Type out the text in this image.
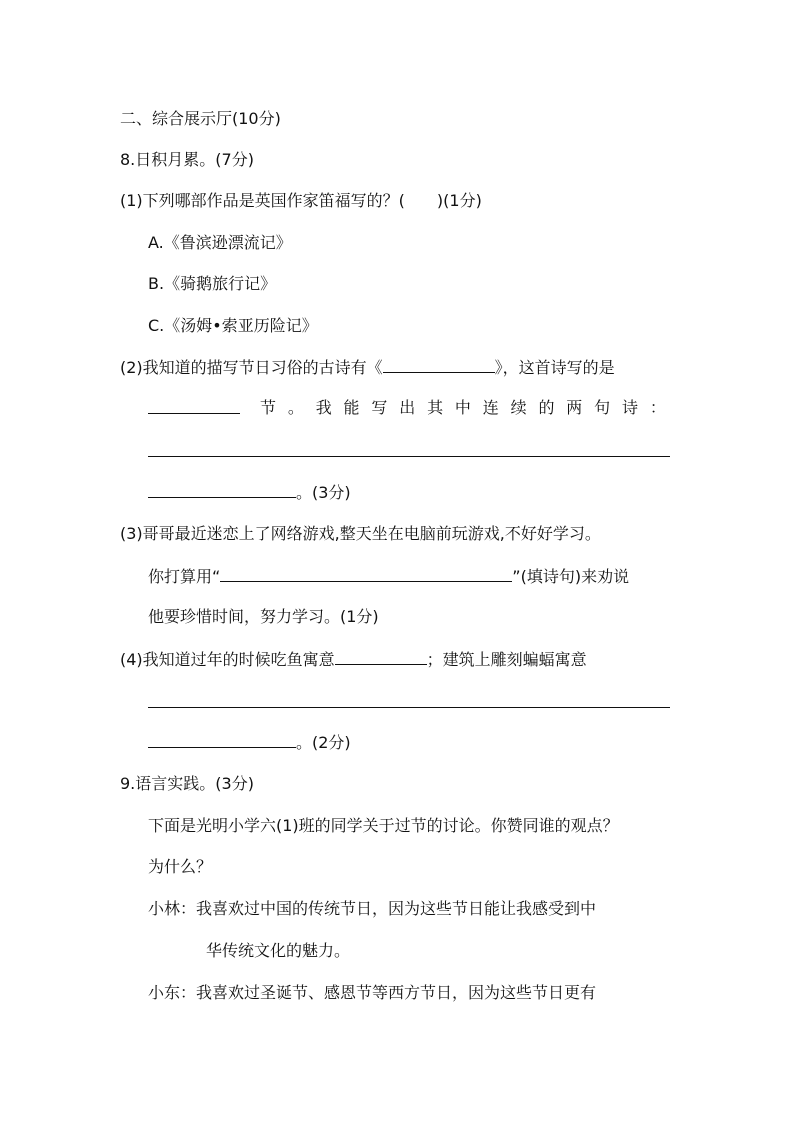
二、综合展示厅(10分)
8.日积月累。(7分)
(1)下列哪部作品是英国作家笛福写的？(　　)(1分)
A.《鲁滨逊漂流记》
B.《骑鹅旅行记》
C.《汤姆•索亚历险记》
(2)我知道的描写节日习俗的古诗有《	》，这首诗写的是
节 。 我 能 写 出 其 中 连 续 的 两 句 诗 ：
。(3分)
(3)哥哥最近迷恋上了网络游戏,整天坐在电脑前玩游戏,不好好学习。
你打算用“	”(填诗句)来劝说
他要珍惜时间，努力学习。(1分)
(4)我知道过年的时候吃鱼寓意	；建筑上雕刻蝙蝠寓意
。(2分)
9.语言实践。(3分)
下面是光明小学六(1)班的同学关于过节的讨论。你赞同谁的观点？
为什么？
小林：我喜欢过中国的传统节日，因为这些节日能让我感受到中
华传统文化的魅力。
小东：我喜欢过圣诞节、感恩节等西方节日，因为这些节日更有
